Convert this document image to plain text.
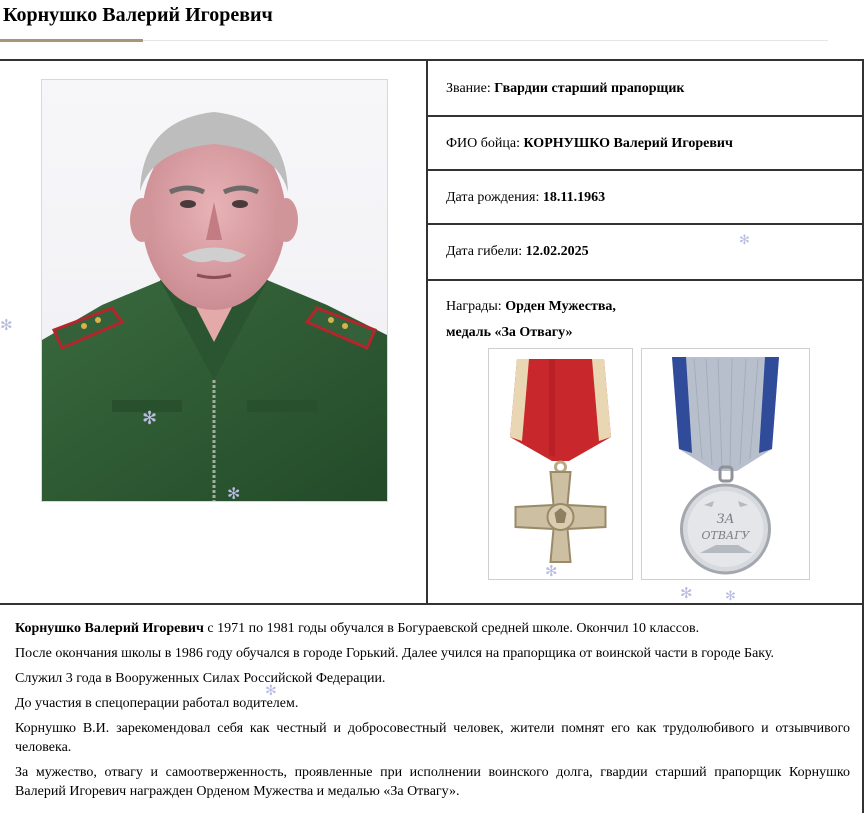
Корнушко Валерий Игоревич
Звание: Гвардии старший прапорщик
ФИО бойца: КОРНУШКО Валерий Игоревич
Дата рождения: 18.11.1963
Дата гибели: 12.02.2025
Награды: Орден Мужества,
медаль «За Отвагу»
ЗА
ОТВАГУ

Корнушко Валерий Игоревич с 1971 по 1981 годы обучался в Богураевской средней школе. Окончил 10 классов.

После окончания школы в 1986 году обучался в городе Горький. Далее учился на прапорщика от воинской части в городе Баку.

Служил 3 года в Вооруженных Силах Российской Федерации.

До участия в спецоперации работал водителем.

Корнушко В.И. зарекомендовал себя как честный и добросовестный человек, жители помнят его как трудолюбивого и отзывчивого человека.

За мужество, отвагу и самоотверженность, проявленные при исполнении воинского долга, гвардии старший прапорщик Корнушко Валерий Игоревич награжден Орденом Мужества и медалью «За Отвагу».

✻
✻
✻
✻
✻
✻ ✻
✻
